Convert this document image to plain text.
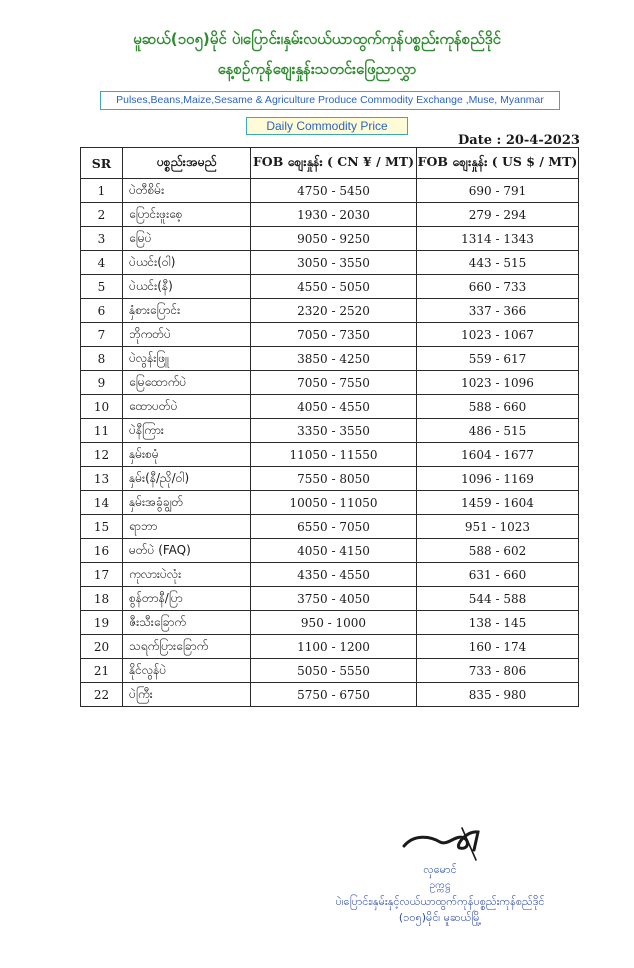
မူဆယ်(၁၀၅)မိုင် ပဲ၊ပြောင်း၊နှမ်းလယ်ယာထွက်ကုန်ပစ္စည်းကုန်စည်ဒိုင်
နေ့စဉ်ကုန်စျေးနှုန်းသတင်းဖြေညာလွှာ
Pulses,Beans,Maize,Sesame & Agriculture Produce Commodity Exchange ,Muse, Myanmar
Daily Commodity Price
Date : 20-4-2023
SR	ပစ္စည်းအမည်	FOB စျေးနှုန်း ( CN ¥ / MT)	FOB စျေးနှုန်း ( US $ / MT)
1	ပဲတီစိမ်း	4750 - 5450	690 - 791
2	ပြောင်းဖူးစေ့	1930 - 2030	279 - 294
3	မြေပဲ	9050 - 9250	1314 - 1343
4	ပဲယင်း(ဝါ)	3050 - 3550	443 - 515
5	ပဲယင်း(နီ)	4550 - 5050	660 - 733
6	နှံစားပြောင်း	2320 - 2520	337 - 366
7	ဘိုကတ်ပဲ	7050 - 7350	1023 - 1067
8	ပဲလွန်းဖြူ	3850 - 4250	559 - 617
9	မြေထောက်ပဲ	7050 - 7550	1023 - 1096
10	ထောပတ်ပဲ	4050 - 4550	588 - 660
11	ပဲနီကြား	3350 - 3550	486 - 515
12	နှမ်းစမုံ	11050 - 11550	1604 - 1677
13	နှမ်း(နီ/ညို/ဝါ)	7550 - 8050	1096 - 1169
14	နှမ်းအခွံချွတ်	10050 - 11050	1459 - 1604
15	ရာဘာ	6550 - 7050	951 - 1023
16	မတ်ပဲ (FAQ)	4050 - 4150	588 - 602
17	ကုလားပဲလုံး	4350 - 4550	631 - 660
18	စွန်တာနီ/ပြာ	3750 - 4050	544 - 588
19	ဇီးသီးခြောက်	950 - 1000	138 - 145
20	သရက်ပြားခြောက်	1100 - 1200	160 - 174
21	နိုင်လွန်ပဲ	5050 - 5550	733 - 806
22	ပဲကြီး	5750 - 6750	835 - 980
လှမောင်
ဥက္ကဋ္ဌ
ပဲ၊ပြောင်း၊နှမ်းနှင့်လယ်ယာထွက်ကုန်ပစ္စည်းကုန်စည်ဒိုင်
(၁၀၅)မိုင်၊ မူဆယ်မြို့
